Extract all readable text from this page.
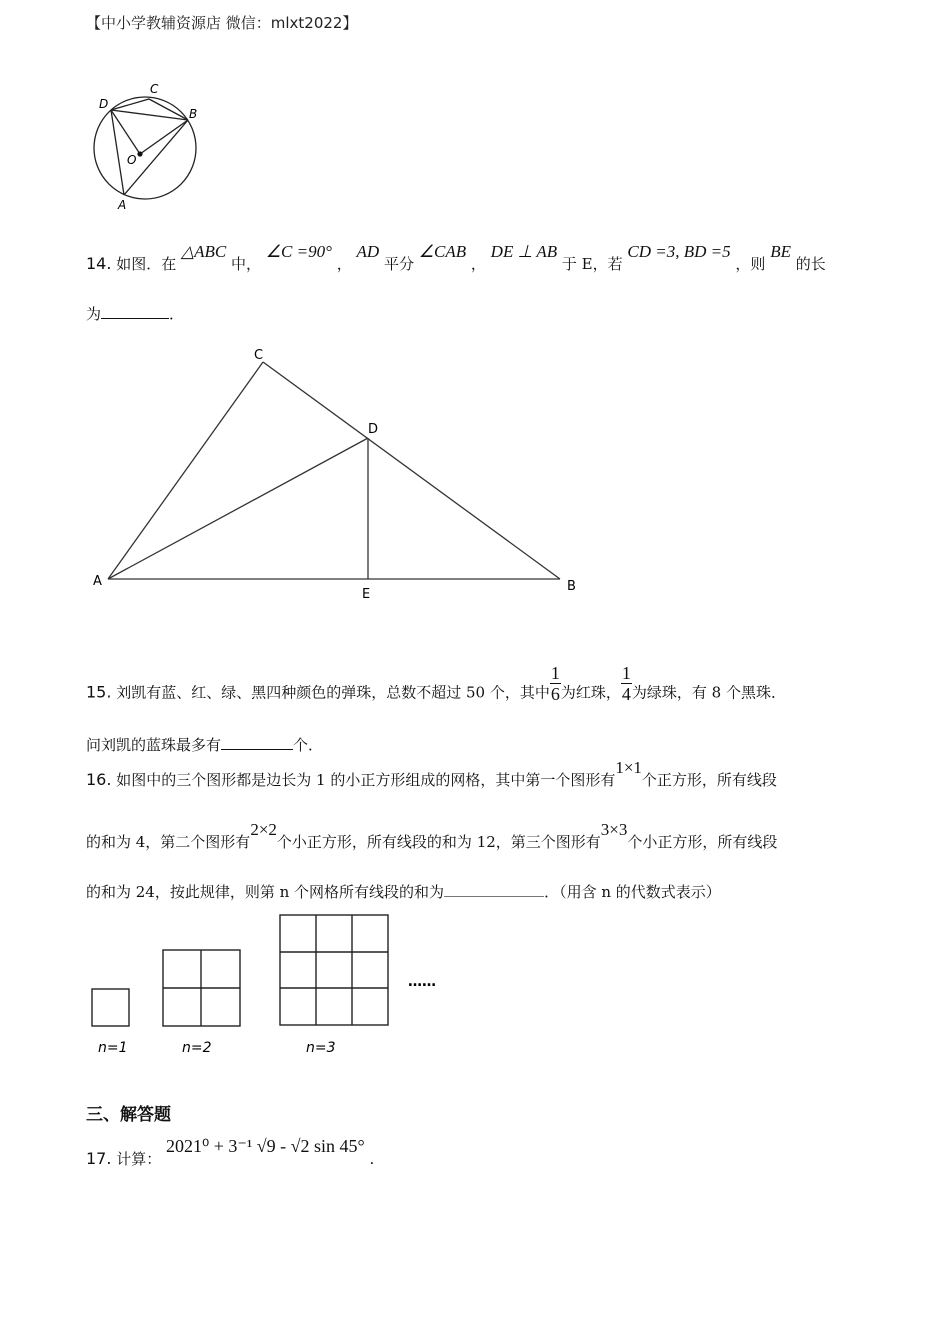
【中小学教辅资源店 微信：mlxt2022】
C
D
B
O
A
14. 如图．在 △ABC 中， ∠C =90° ， AD 平分 ∠CAB ， DE ⊥ AB 于 E，若 CD =3, BD =5 ，则 BE 的长
为	．
C
D
A
E
B
15. 刘凯有蓝、红、绿、黑四种颜色的弹珠，总数不超过 50 个，其中 $\frac{1}{6}$ 为红珠， $\frac{1}{4}$ 为绿珠，有 8 个黑珠．
问刘凯的蓝珠最多有	个．
16. 如图中的三个图形都是边长为 1 的小正方形组成的网格，其中第一个图形有1×1个正方形，所有线段
的和为 4，第二个图形有2×2个小正方形，所有线段的和为 12，第三个图形有3×3个小正方形，所有线段
的和为 24，按此规律，则第 n 个网格所有线段的和为	．（用含 n 的代数式表示）
……
n=1	n=2	n=3
三、解答题
17. 计算： 2021⁰ + 3⁻¹ √9 - √2 sin 45° .
